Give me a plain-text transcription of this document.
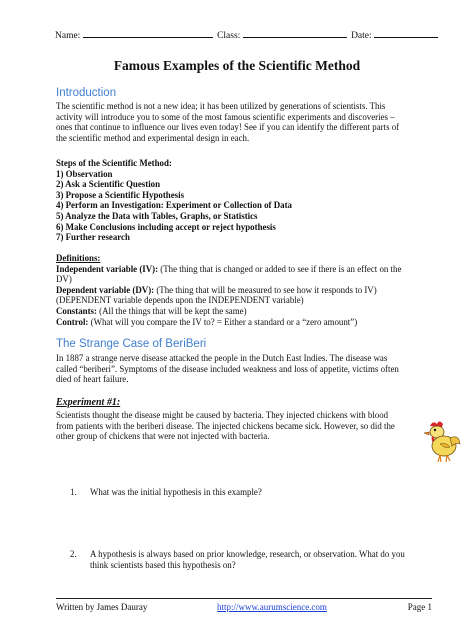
Name:	Class:	Date:
Famous Examples of the Scientific Method
Introduction
The scientific method is not a new idea; it has been utilized by generations of scientists. This
activity will introduce you to some of the most famous scientific experiments and discoveries –
ones that continue to influence our lives even today! See if you can identify the different parts of
the scientific method and experimental design in each.
Steps of the Scientific Method:
1) Observation
2) Ask a Scientific Question
3) Propose a Scientific Hypothesis
4) Perform an Investigation: Experiment or Collection of Data
5) Analyze the Data with Tables, Graphs, or Statistics
6) Make Conclusions including accept or reject hypothesis
7) Further research
Definitions:
Independent variable (IV): (The thing that is changed or added to see if there is an effect on the
DV)
Dependent variable (DV): (The thing that will be measured to see how it responds to IV)
(DEPENDENT variable depends upon the INDEPENDENT variable)
Constants: (All the things that will be kept the same)
Control: (What will you compare the IV to? = Either a standard or a “zero amount”)
The Strange Case of BeriBeri
In 1887 a strange nerve disease attacked the people in the Dutch East Indies. The disease was
called “beriberi”. Symptoms of the disease included weakness and loss of appetite, victims often
died of heart failure.
Experiment #1:
Scientists thought the disease might be caused by bacteria. They injected chickens with blood
from patients with the beriberi disease. The injected chickens became sick. However, so did the
other group of chickens that were not injected with bacteria.
1. What was the initial hypothesis in this example?
2. A hypothesis is always based on prior knowledge, research, or observation. What do you
think scientists based this hypothesis on?
Written by James Dauray	http://www.aurumscience.com	Page 1
